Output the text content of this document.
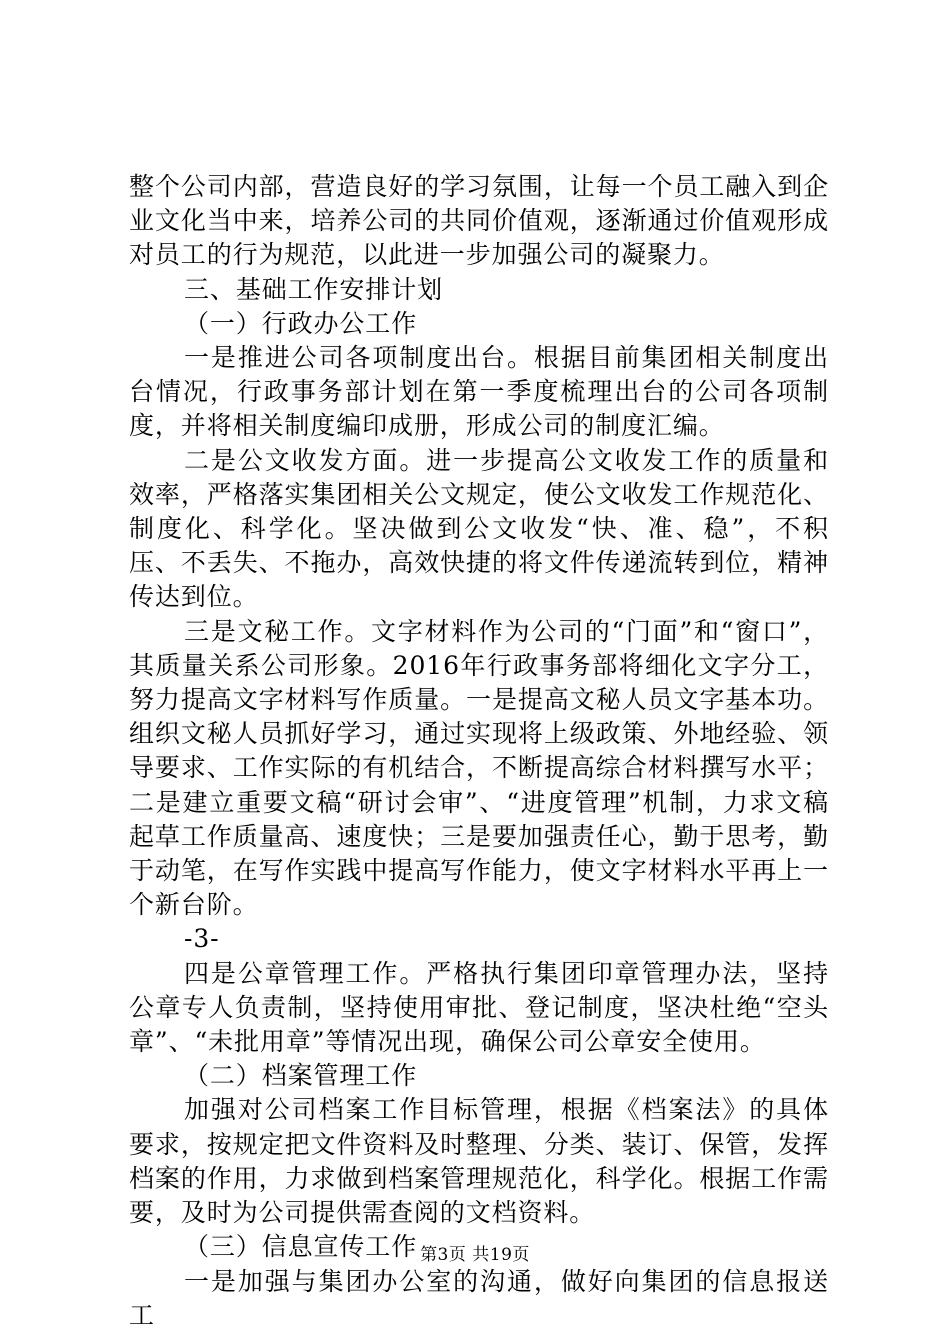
整个公司内部，营造良好的学习氛围，让每一个员工融入到企业文化当中来，培养公司的共同价值观，逐渐通过价值观形成对员工的行为规范，以此进一步加强公司的凝聚力。

三、基础工作安排计划

（一）行政办公工作

一是推进公司各项制度出台。根据目前集团相关制度出台情况，行政事务部计划在第一季度梳理出台的公司各项制度，并将相关制度编印成册，形成公司的制度汇编。

二是公文收发方面。进一步提高公文收发工作的质量和效率，严格落实集团相关公文规定，使公文收发工作规范化、制度化、科学化。坚决做到公文收发“快、准、稳”，不积压、不丢失、不拖办，高效快捷的将文件传递流转到位，精神传达到位。

三是文秘工作。文字材料作为公司的“门面”和“窗口”，其质量关系公司形象。2016年行政事务部将细化文字分工，努力提高文字材料写作质量。一是提高文秘人员文字基本功。组织文秘人员抓好学习，通过实现将上级政策、外地经验、领导要求、工作实际的有机结合，不断提高综合材料撰写水平；二是建立重要文稿“研讨会审”、“进度管理”机制，力求文稿起草工作质量高、速度快；三是要加强责任心，勤于思考，勤于动笔，在写作实践中提高写作能力，使文字材料水平再上一个新台阶。

-3-

四是公章管理工作。严格执行集团印章管理办法，坚持公章专人负责制，坚持使用审批、登记制度，坚决杜绝“空头章”、“未批用章”等情况出现，确保公司公章安全使用。

（二）档案管理工作

加强对公司档案工作目标管理，根据《档案法》的具体要求，按规定把文件资料及时整理、分类、装订、保管，发挥档案的作用，力求做到档案管理规范化，科学化。根据工作需要，及时为公司提供需查阅的文档资料。

（三）信息宣传工作

一是加强与集团办公室的沟通，做好向集团的信息报送工

第3页 共19页
